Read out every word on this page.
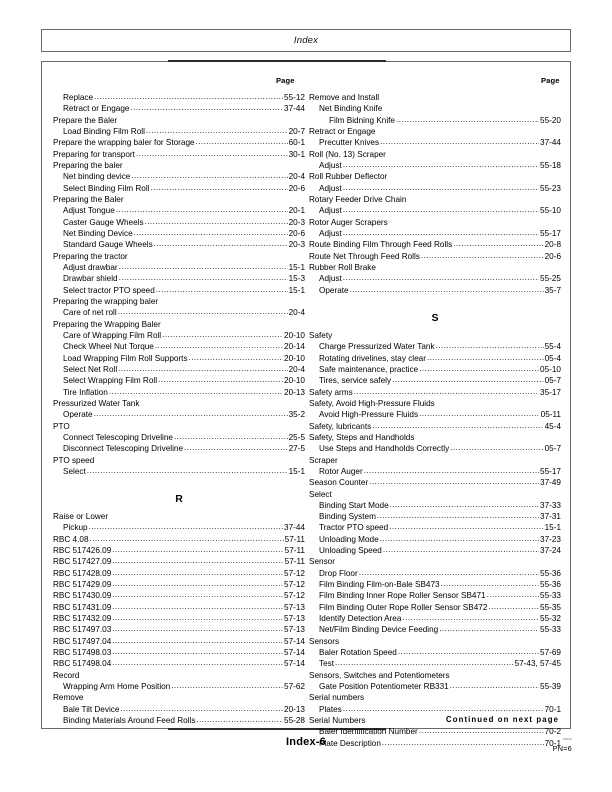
Index
Page	Page
Replace .....	55-12
Retract or Engage .....	37-44
Prepare the Baler
Load Binding Film Roll .....	20-7
Prepare the wrapping baler for Storage .....	60-1
Preparing for transport .....	30-1
Preparing the baler
Net binding device .....	20-4
Select Binding Film Roll .....	20-6
Preparing the Baler
Adjust Tongue .....	20-1
Caster Gauge Wheels .....	20-3
Net Binding Device .....	20-6
Standard Gauge Wheels .....	20-3
Preparing the tractor
Adjust drawbar .....	15-1
Drawbar shield .....	15-3
Select tractor PTO speed .....	15-1
Preparing the wrapping baler
Care of net roll .....	20-4
Preparing the Wrapping Baler
Care of Wrapping Film Roll .....	20-10
Check Wheel Nut Torque .....	20-14
Load Wrapping Film Roll Supports .....	20-10
Select Net Roll .....	20-4
Select Wrapping Film Roll .....	20-10
Tire Inflation .....	20-13
Pressurized Water Tank
Operate .....	35-2
PTO
Connect Telescoping Driveline .....	25-5
Disconnect Telescoping Driveline .....	27-5
PTO speed
Select .....	15-1
R
Raise or Lower
Pickup .....	37-44
RBC 4.08 .....	57-11
RBC 517426.09 .....	57-11
RBC 517427.09 .....	57-11
RBC 517428.09 .....	57-12
RBC 517429.09 .....	57-12
RBC 517430.09 .....	57-12
RBC 517431.09 .....	57-13
RBC 517432.09 .....	57-13
RBC 517497.03 .....	57-13
RBC 517497.04 .....	57-14
RBC 517498.03 .....	57-14
RBC 517498.04 .....	57-14
Record
Wrapping Arm Home Position .....	57-62
Remove
Bale Tilt Device .....	20-13
Binding Materials Around Feed Rolls .....	55-28
Remove and Install
Net Binding Knife
Film Bidning Knife .....	55-20
Retract or Engage
Precutter Knives .....	37-44
Roll (No. 13) Scraper
Adjust .....	55-18
Roll Rubber Deflector
Adjust .....	55-23
Rotary Feeder Drive Chain
Adjust .....	55-10
Rotor Auger Scrapers
Adjust .....	55-17
Route Binding Film Through Feed Rolls .....	20-8
Route Net Through Feed Rolls .....	20-6
Rubber Roll Brake
Adjust .....	55-25
Operate .....	35-7
S
Safety
Charge Pressurized Water Tank .....	55-4
Rotating drivelines, stay clear .....	05-4
Safe maintenance, practice .....	05-10
Tires, service safely .....	05-7
Safety arms .....	35-17
Safety, Avoid High-Pressure Fluids
Avoid High-Pressure Fluids .....	05-11
Safety, lubricants .....	45-4
Safety, Steps and Handholds
Use Steps and Handholds Correctly .....	05-7
Scraper
Rotor Auger .....	55-17
Season Counter .....	37-49
Select
Binding Start Mode .....	37-33
Binding System .....	37-31
Tractor PTO speed .....	15-1
Unloading Mode .....	37-23
Unloading Speed .....	37-24
Sensor
Drop Floor .....	55-36
Film Binding Film-on-Bale SB473 .....	55-36
Film Binding Inner Rope Roller Sensor SB471 .....	55-33
Film Binding Outer Rope Roller Sensor SB472 .....	55-35
Identify Detection Area .....	55-32
Net/Film Binding Device Feeding .....	55-33
Sensors
Baler Rotation Speed .....	57-69
Test .....	57-43, 57-45
Sensors, Switches and Potentiometers
Gate Position Potentiometer RB331 .....	55-39
Serial numbers
Plates .....	70-1
Serial Numbers
Baler Identification Number .....	70-2
Plate Description .....	70-1
Continued on next page
Index-6	INDX6
PN=6
